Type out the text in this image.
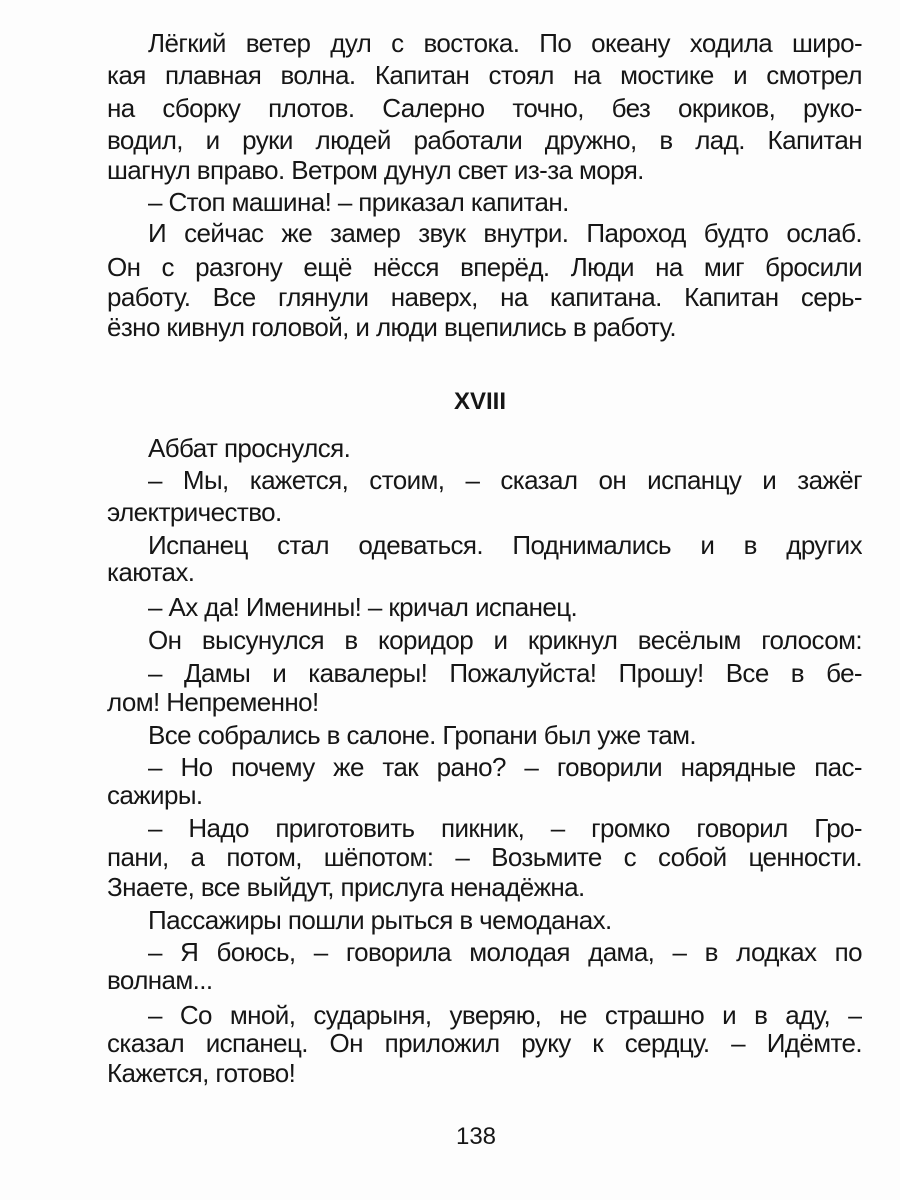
Лёгкий ветер дул с востока. По океану ходила широ-
кая плавная волна. Капитан стоял на мостике и смотрел
на сборку плотов. Салерно точно, без окриков, руко-
водил, и руки людей работали дружно, в лад. Капитан
шагнул вправо. Ветром дунул свет из-за моря.
– Стоп машина! – приказал капитан.
И сейчас же замер звук внутри. Пароход будто ослаб.
Он с разгону ещё нёсся вперёд. Люди на миг бросили
работу. Все глянули наверх, на капитана. Капитан серь-
ёзно кивнул головой, и люди вцепились в работу.
XVIII
Аббат проснулся.
– Мы, кажется, стоим, – сказал он испанцу и зажёг
электричество.
Испанец стал одеваться. Поднимались и в других
каютах.
– Ах да! Именины! – кричал испанец.
Он высунулся в коридор и крикнул весёлым голосом:
– Дамы и кавалеры! Пожалуйста! Прошу! Все в бе-
лом! Непременно!
Все собрались в салоне. Гропани был уже там.
– Но почему же так рано? – говорили нарядные пас-
сажиры.
– Надо приготовить пикник, – громко говорил Гро-
пани, а потом, шёпотом: – Возьмите с собой ценности.
Знаете, все выйдут, прислуга ненадёжна.
Пассажиры пошли рыться в чемоданах.
– Я боюсь, – говорила молодая дама, – в лодках по
волнам...
– Со мной, сударыня, уверяю, не страшно и в аду, –
сказал испанец. Он приложил руку к сердцу. – Идёмте.
Кажется, готово!
138
